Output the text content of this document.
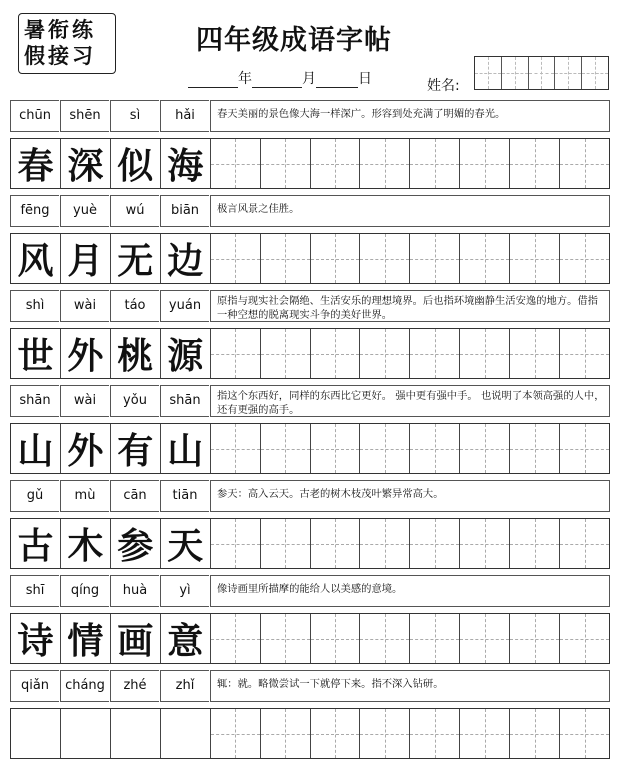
暑衔练
假接习	四年级成语字帖
年	月	日	姓名:
chūn	shēn	sì	hǎi	春天美丽的景色像大海一样深广。形容到处充满了明媚的春光。
春 深 似 海
fēng	yuè	wú	biān	极言风景之佳胜。
风 月 无 边
shì	wài	táo	yuán	原指与现实社会隔绝、生活安乐的理想境界。后也指环境幽静生活安逸的地方。借指一种空想的脱离现实斗争的美好世界。
世 外 桃 源
shān	wài	yǒu	shān	指这个东西好，同样的东西比它更好。 强中更有强中手。 也说明了本领高强的人中，还有更强的高手。
山 外 有 山
gǔ	mù	cān	tiān	参天：高入云天。古老的树木枝茂叶繁异常高大。
古 木 参 天
shī	qíng	huà	yì	像诗画里所描摩的能给人以美感的意境。
诗 情 画 意
qiǎn	cháng	zhé	zhǐ	辄：就。略微尝试一下就停下来。指不深入钻研。
